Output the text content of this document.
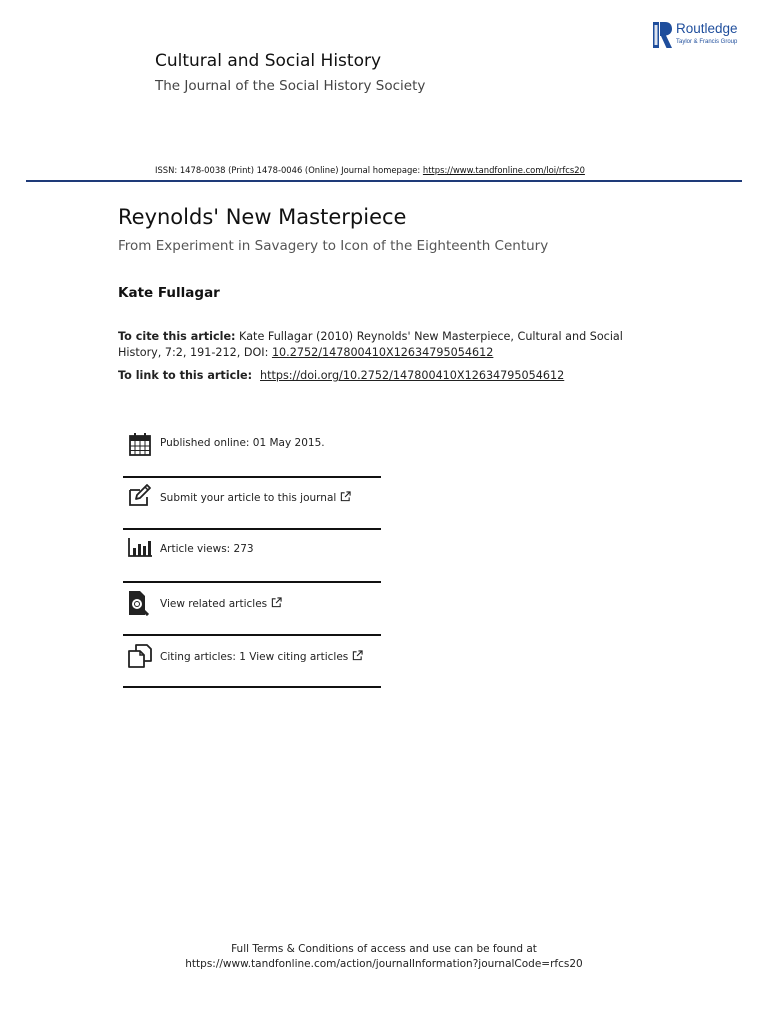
Routledge
Taylor & Francis Group
Cultural and Social History
The Journal of the Social History Society
ISSN: 1478-0038 (Print) 1478-0046 (Online) Journal homepage: https://www.tandfonline.com/loi/rfcs20
Reynolds' New Masterpiece
From Experiment in Savagery to Icon of the Eighteenth Century
Kate Fullagar
To cite this article: Kate Fullagar (2010) Reynolds' New Masterpiece, Cultural and Social History, 7:2, 191-212, DOI: 10.2752/147800410X12634795054612
To link to this article: https://doi.org/10.2752/147800410X12634795054612
Published online: 01 May 2015.
Submit your article to this journal
Article views: 273
View related articles
Citing articles: 1 View citing articles
Full Terms & Conditions of access and use can be found at
https://www.tandfonline.com/action/journalInformation?journalCode=rfcs20
